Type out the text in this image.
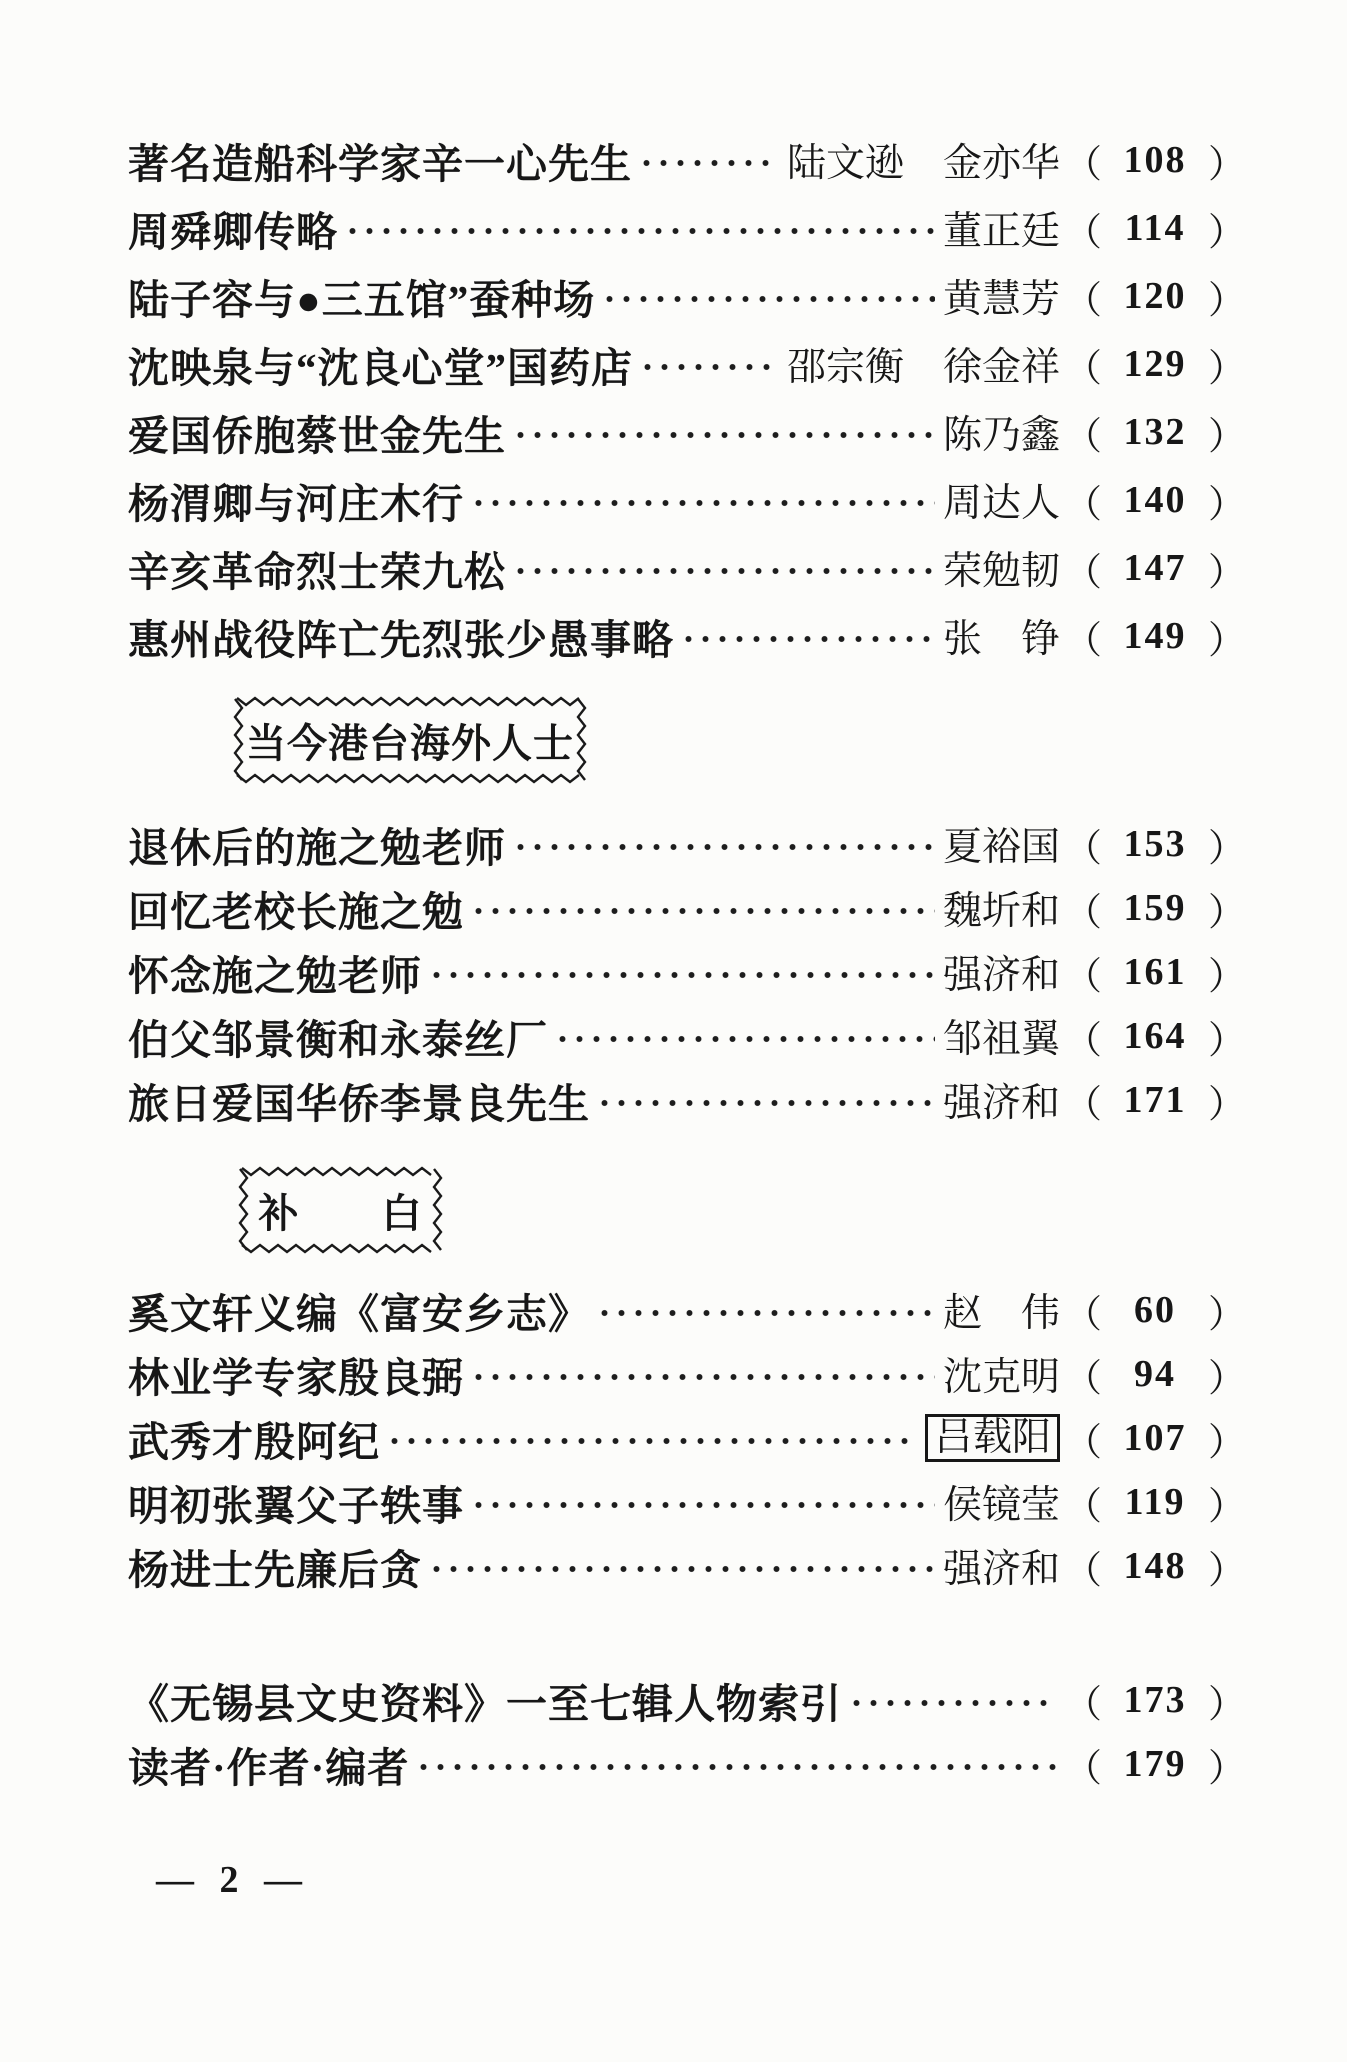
著名造船科学家辛一心先生	陆文逊　金亦华 （ 108 ）
周舜卿传略	董正廷 （ 114 ）
陆子容与●三五馆”蚕种场	黄慧芳 （ 120 ）
沈映泉与“沈良心堂”国药店	邵宗衡　徐金祥 （ 129 ）
爱国侨胞蔡世金先生	陈乃鑫 （ 132 ）
杨渭卿与河庄木行	周达人 （ 140 ）
辛亥革命烈士荣九松	荣勉韧 （ 147 ）
惠州战役阵亡先烈张少愚事略	张　铮 （ 149 ）
当今港台海外人士
退休后的施之勉老师	夏裕国 （ 153 ）
回忆老校长施之勉	魏圻和 （ 159 ）
怀念施之勉老师	强济和 （ 161 ）
伯父邹景衡和永泰丝厂	邹祖翼 （ 164 ）
旅日爱国华侨李景良先生	强济和 （ 171 ）
补　　白
奚文轩义编《富安乡志》	赵　伟 （ 60 ）
林业学专家殷良弼	沈克明 （ 94 ）
武秀才殷阿纪	吕载阳 （ 107 ）
明初张翼父子轶事	侯镜莹 （ 119 ）
杨进士先廉后贪	强济和 （ 148 ）
《无锡县文史资料》一至七辑人物索引	（ 173 ）
读者·作者·编者	（ 179 ）
— 2 —
